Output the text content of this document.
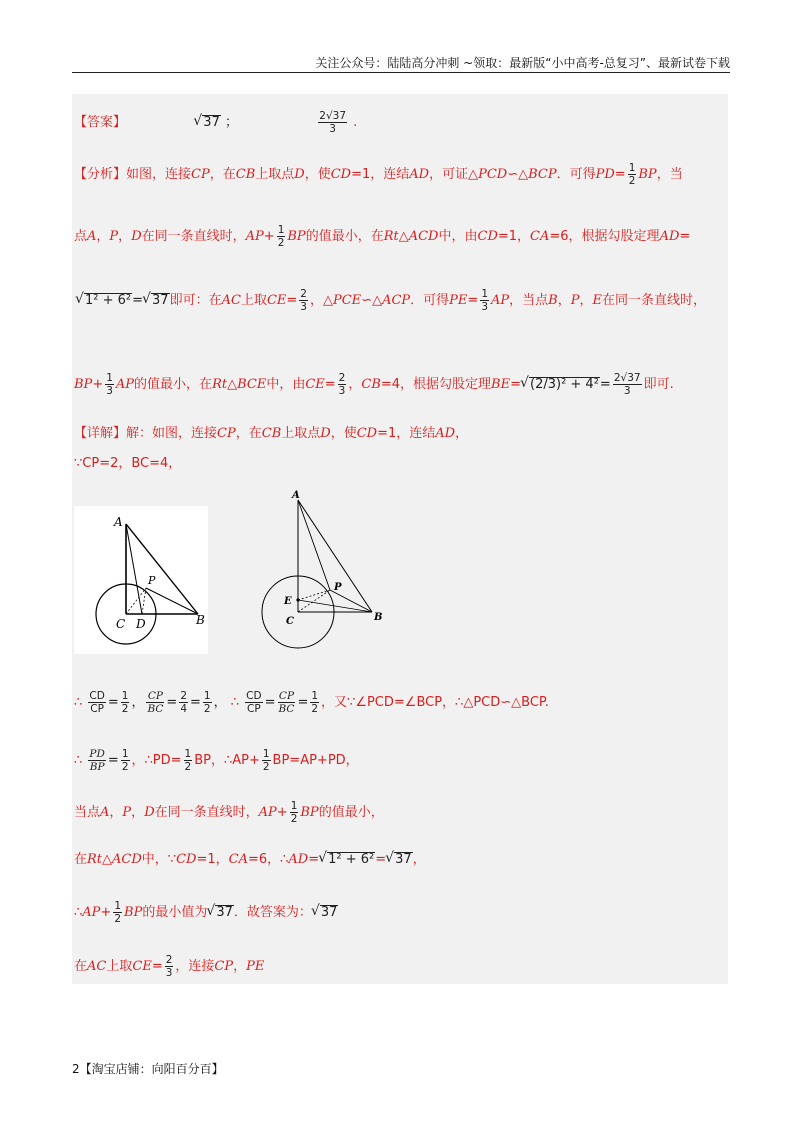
关注公众号：陆陆高分冲刺 ~领取：最新版“小中高考-总复习”、最新试卷下载
【答案】	√ 37 ；	$\frac{2√37}{3}$ .
【分析】如图，连接CP，在CB上取点D，使CD=1，连结AD，可证△PCD∽△BCP．可得$PD= \frac{1}{2}$ BP，当
点A，P，D在同一条直线时，$AP+ \frac{1}{2}$ BP的值最小，在Rt△ACD中，由CD=1，CA=6，根据勾股定理AD=
√ 1² + 6²= √ 37即可：在AC上取$CE= \frac{2}{3}$ ，△PCE∽△ACP．可得$PE= \frac{1}{3}$ AP，当点B，P，E在同一条直线时，
$BP+ \frac{1}{3}$ AP的值最小，在Rt△BCE中，由$CE= \frac{2}{3}$ ，CB=4，根据勾股定理BE= √ $(2/3)^2 + 4^2= \frac{2√37}{3}$ 即可.
【详解】解：如图，连接CP，在CB上取点D，使CD=1，连结AD，
∵CP=2，BC=4，
A
P
C D	B
A
E
P
C	B
∴ $\frac{CD}{CP} = \frac{1}{2}$ ， $\frac{CP}{BC} = \frac{2}{4} = \frac{1}{2}$ ， ∴ $\frac{CD}{CP} = \frac{CP}{BC} = \frac{1}{2}$ ，又∵∠PCD=∠BCP，∴△PCD∽△BCP.
∴ $\frac{PD}{BP} = \frac{1}{2}$ ，∴PD= $\frac{1}{2}$ BP，∴AP+ $\frac{1}{2} BP=AP+PD$，
当点A，P，D在同一条直线时，$AP+ \frac{1}{2}$ BP的值最小，
在Rt△ACD中，∵CD=1，CA=6，∴AD= √ 1² + 6²= √ 37，
∴AP+ $\frac{1}{2}$ BP的最小值为 √ 37．故答案为： √ 37
在AC上取$CE= \frac{2}{3}$ ，连接CP，PE
2【淘宝店铺：向阳百分百】
